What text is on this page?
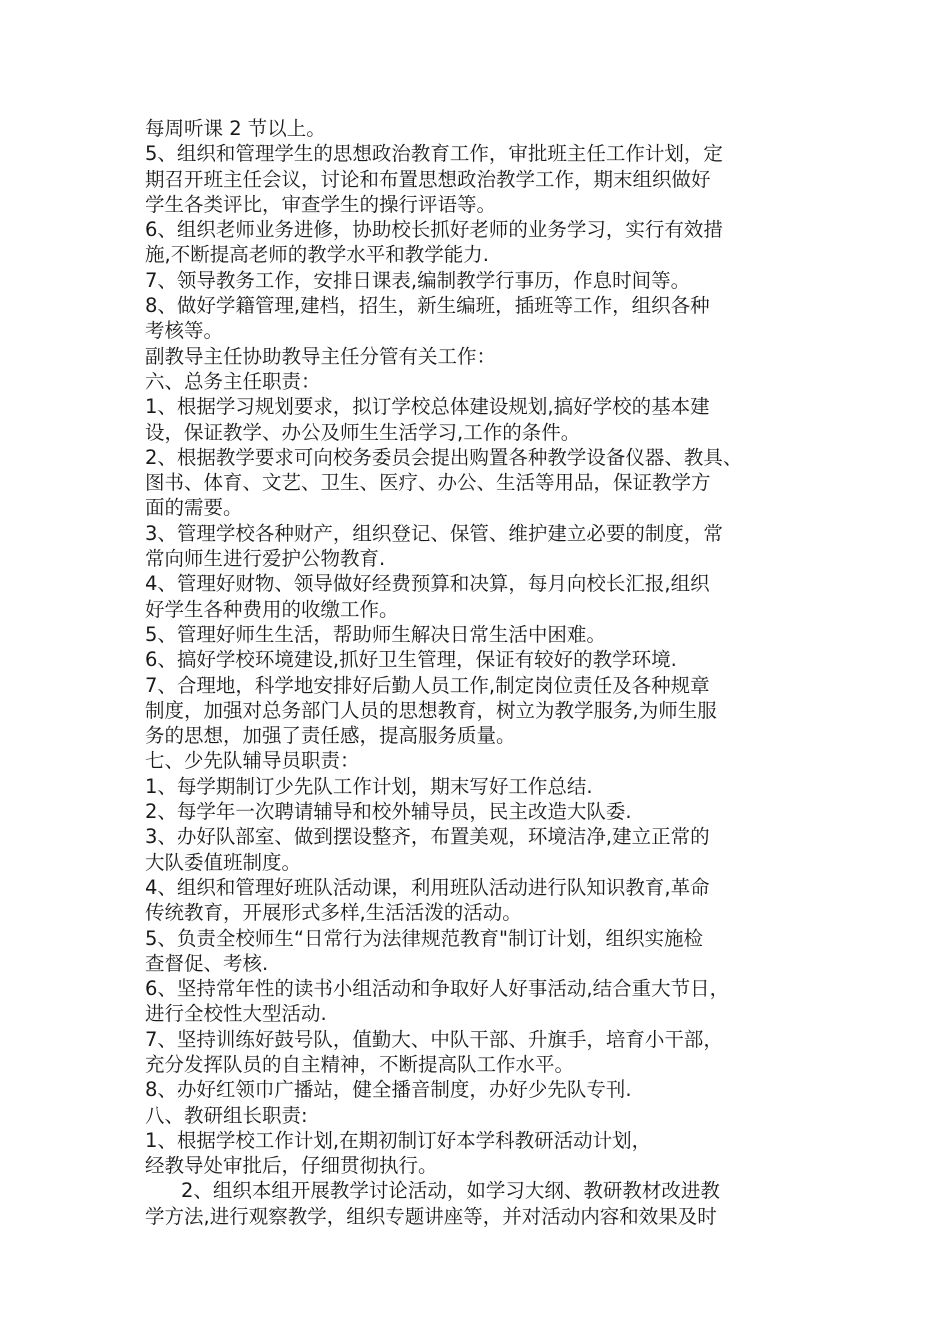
每周听课 2 节以上。
5、组织和管理学生的思想政治教育工作，审批班主任工作计划，定
期召开班主任会议，讨论和布置思想政治教学工作，期末组织做好
学生各类评比，审查学生的操行评语等。
6、组织老师业务进修，协助校长抓好老师的业务学习，实行有效措
施,不断提高老师的教学水平和教学能力.
7、领导教务工作，安排日课表,编制教学行事历，作息时间等。
8、做好学籍管理,建档，招生，新生编班，插班等工作，组织各种
考核等。
副教导主任协助教导主任分管有关工作：
六、总务主任职责：
1、根据学习规划要求，拟订学校总体建设规划,搞好学校的基本建
设，保证教学、办公及师生生活学习,工作的条件。
2、根据教学要求可向校务委员会提出购置各种教学设备仪器、教具、
图书、体育、文艺、卫生、医疗、办公、生活等用品，保证教学方
面的需要。
3、管理学校各种财产，组织登记、保管、维护建立必要的制度，常
常向师生进行爱护公物教育.
4、管理好财物、领导做好经费预算和决算，每月向校长汇报,组织
好学生各种费用的收缴工作。
5、管理好师生生活，帮助师生解决日常生活中困难。
6、搞好学校环境建设,抓好卫生管理，保证有较好的教学环境.
7、合理地，科学地安排好后勤人员工作,制定岗位责任及各种规章
制度，加强对总务部门人员的思想教育，树立为教学服务,为师生服
务的思想，加强了责任感，提高服务质量。
七、少先队辅导员职责：
1、每学期制订少先队工作计划，期末写好工作总结.
2、每学年一次聘请辅导和校外辅导员，民主改造大队委.
3、办好队部室、做到摆设整齐，布置美观，环境洁净,建立正常的
大队委值班制度。
4、组织和管理好班队活动课，利用班队活动进行队知识教育,革命
传统教育，开展形式多样,生活活泼的活动。
5、负责全校师生“日常行为法律规范教育"制订计划，组织实施检
查督促、考核.
6、坚持常年性的读书小组活动和争取好人好事活动,结合重大节日，
进行全校性大型活动.
7、坚持训练好鼓号队，值勤大、中队干部、升旗手，培育小干部，
充分发挥队员的自主精神，不断提高队工作水平。
8、办好红领巾广播站，健全播音制度，办好少先队专刊.
八、教研组长职责:
1、根据学校工作计划,在期初制订好本学科教研活动计划，
经教导处审批后，仔细贯彻执行。
2、组织本组开展教学讨论活动，如学习大纲、教研教材改进教
学方法,进行观察教学，组织专题讲座等，并对活动内容和效果及时
